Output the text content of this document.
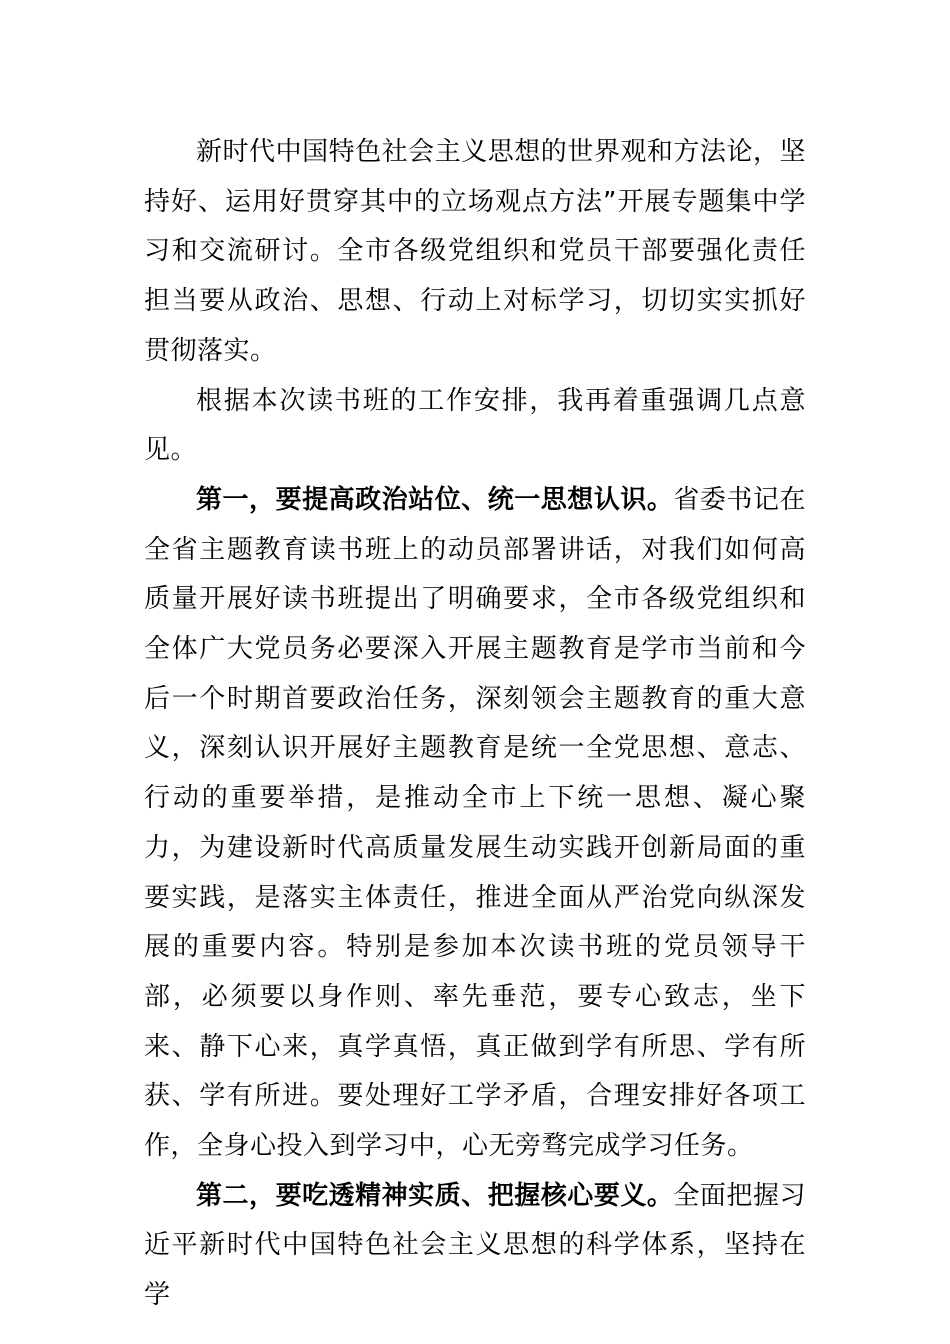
新时代中国特色社会主义思想的世界观和方法论，坚持好、运用好贯穿其中的立场观点方法”开展专题集中学习和交流研讨。全市各级党组织和党员干部要强化责任担当要从政治、思想、行动上对标学习，切切实实抓好贯彻落实。

根据本次读书班的工作安排，我再着重强调几点意见。

第一，要提高政治站位、统一思想认识。省委书记在全省主题教育读书班上的动员部署讲话，对我们如何高质量开展好读书班提出了明确要求，全市各级党组织和全体广大党员务必要深入开展主题教育是学市当前和今后一个时期首要政治任务，深刻领会主题教育的重大意义，深刻认识开展好主题教育是统一全党思想、意志、行动的重要举措，是推动全市上下统一思想、凝心聚力，为建设新时代高质量发展生动实践开创新局面的重要实践，是落实主体责任，推进全面从严治党向纵深发展的重要内容。特别是参加本次读书班的党员领导干部，必须要以身作则、率先垂范，要专心致志，坐下来、静下心来，真学真悟，真正做到学有所思、学有所获、学有所进。要处理好工学矛盾，合理安排好各项工作，全身心投入到学习中，心无旁骛完成学习任务。

第二，要吃透精神实质、把握核心要义。全面把握习近平新时代中国特色社会主义思想的科学体系，坚持在学
